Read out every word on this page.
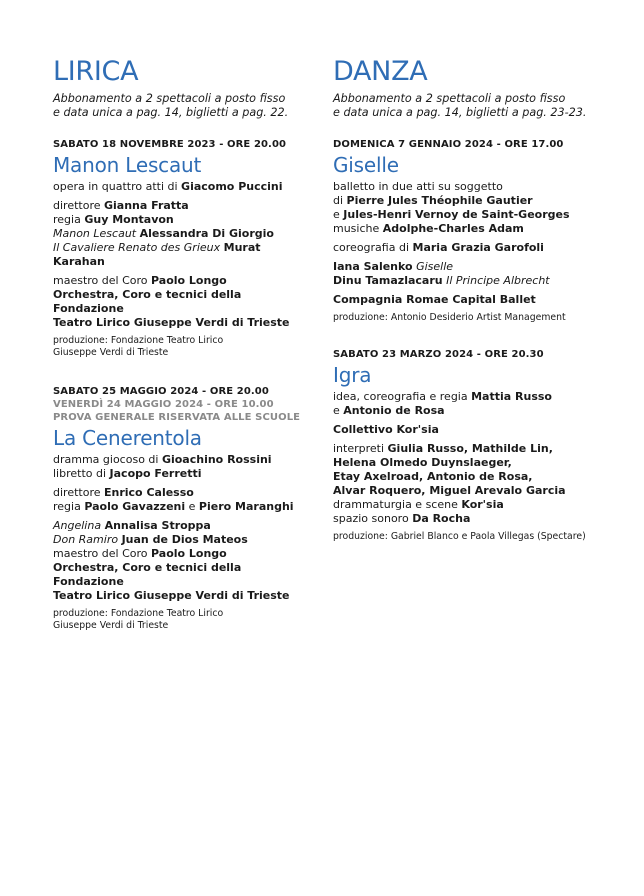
LIRICA
Abbonamento a 2 spettacoli a posto fisso
e data unica a pag. 14, biglietti a pag. 22.
SABATO 18 NOVEMBRE 2023 - ORE 20.00
Manon Lescaut
opera in quattro atti di Giacomo Puccini
direttore Gianna Fratta
regia Guy Montavon
Manon Lescaut Alessandra Di Giorgio
Il Cavaliere Renato des Grieux Murat Karahan
maestro del Coro Paolo Longo
Orchestra, Coro e tecnici della Fondazione
Teatro Lirico Giuseppe Verdi di Trieste
produzione: Fondazione Teatro Lirico
Giuseppe Verdi di Trieste
SABATO 25 MAGGIO 2024 - ORE 20.00
VENERDÌ 24 MAGGIO 2024 - ORE 10.00
PROVA GENERALE RISERVATA ALLE SCUOLE
La Cenerentola
dramma giocoso di Gioachino Rossini
libretto di Jacopo Ferretti
direttore Enrico Calesso
regia Paolo Gavazzeni e Piero Maranghi
Angelina Annalisa Stroppa
Don Ramiro Juan de Dios Mateos
maestro del Coro Paolo Longo
Orchestra, Coro e tecnici della Fondazione
Teatro Lirico Giuseppe Verdi di Trieste
produzione: Fondazione Teatro Lirico
Giuseppe Verdi di Trieste
DANZA
Abbonamento a 2 spettacoli a posto fisso
e data unica a pag. 14, biglietti a pag. 23-23.
DOMENICA 7 GENNAIO 2024 - ORE 17.00
Giselle
balletto in due atti su soggetto
di Pierre Jules Théophile Gautier
e Jules-Henri Vernoy de Saint-Georges
musiche Adolphe-Charles Adam
coreografia di Maria Grazia Garofoli
Iana Salenko Giselle
Dinu Tamazlacaru Il Principe Albrecht
Compagnia Romae Capital Ballet
produzione: Antonio Desiderio Artist Management
SABATO 23 MARZO 2024 - ORE 20.30
Igra
idea, coreografia e regia Mattia Russo
e Antonio de Rosa
Collettivo Kor'sia
interpreti Giulia Russo, Mathilde Lin,
Helena Olmedo Duynslaeger,
Etay Axelroad, Antonio de Rosa,
Alvar Roquero, Miguel Arevalo Garcia
drammaturgia e scene Kor'sia
spazio sonoro Da Rocha
produzione: Gabriel Blanco e Paola Villegas (Spectare)
